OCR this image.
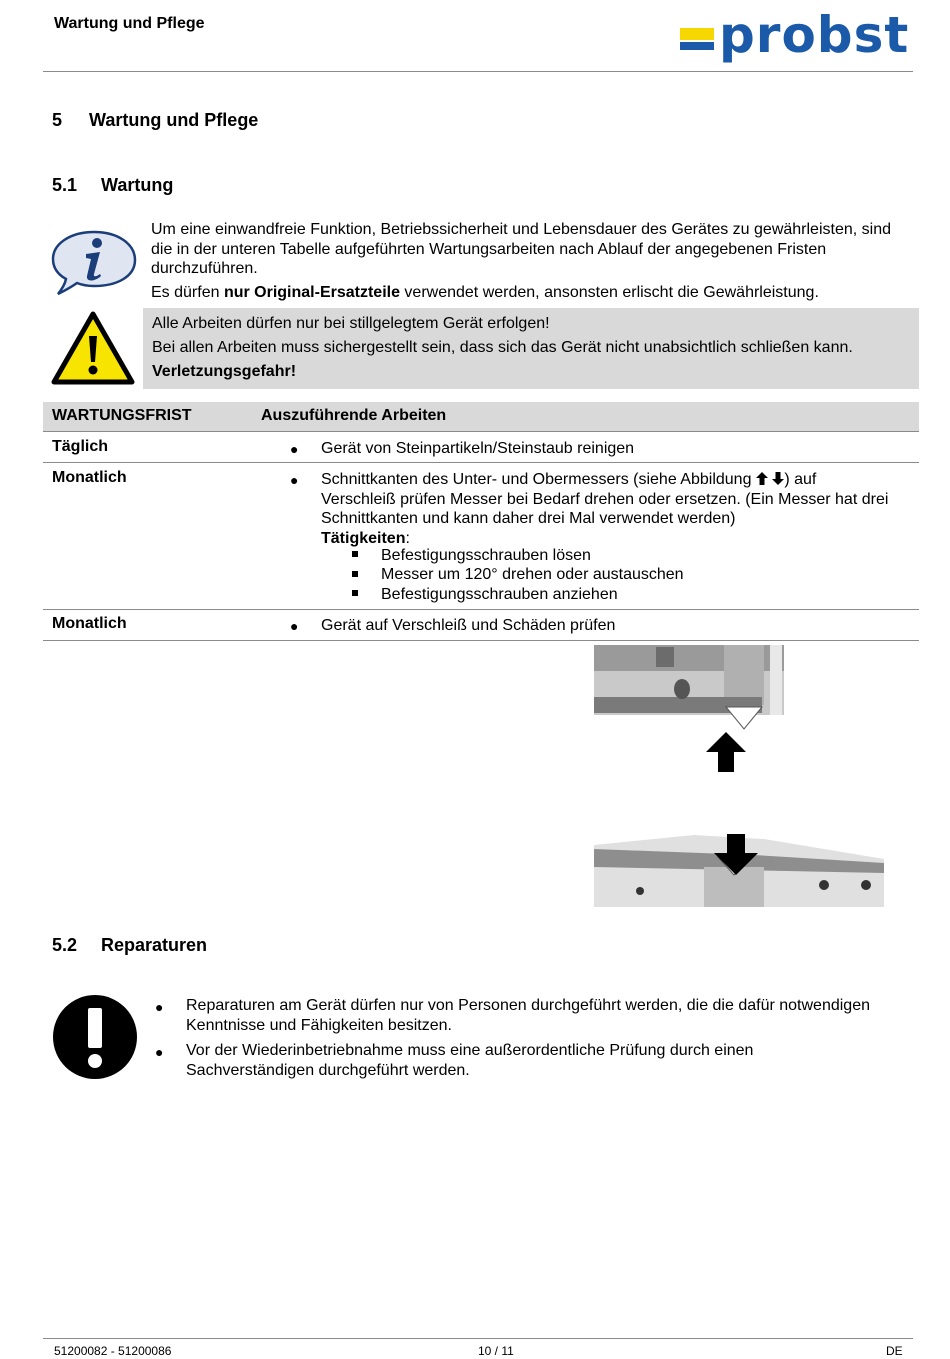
Wartung und Pflege	probst
5 Wartung und Pflege
5.1 Wartung
Um eine einwandfreie Funktion, Betriebssicherheit und Lebensdauer des Gerätes zu gewährleisten, sind die in der unteren Tabelle aufgeführten Wartungsarbeiten nach Ablauf der angegebenen Fristen durchzuführen.
Es dürfen nur Original-Ersatzteile verwendet werden, ansonsten erlischt die Gewährleistung.
Alle Arbeiten dürfen nur bei stillgelegtem Gerät erfolgen!
Bei allen Arbeiten muss sichergestellt sein, dass sich das Gerät nicht unabsichtlich schließen kann.
Verletzungsgefahr!
WARTUNGSFRIST	Auszuführende Arbeiten
Täglich	● Gerät von Steinpartikeln/Steinstaub reinigen
Monatlich	● Schnittkanten des Unter- und Obermessers (siehe Abbildung  ) auf
Verschleiß prüfen Messer bei Bedarf drehen oder ersetzen. (Ein Messer hat drei Schnittkanten und kann daher drei Mal verwendet werden)
Tätigkeiten:
Befestigungsschrauben lösen
Messer um 120° drehen oder austauschen
Befestigungsschrauben anziehen
Monatlich	● Gerät auf Verschleiß und Schäden prüfen
5.2 Reparaturen
● Reparaturen am Gerät dürfen nur von Personen durchgeführt werden, die die dafür notwendigen Kenntnisse und Fähigkeiten besitzen.
● Vor der Wiederinbetriebnahme muss eine außerordentliche Prüfung durch einen Sachverständigen durchgeführt werden.
51200082 - 51200086	10 / 11	DE
